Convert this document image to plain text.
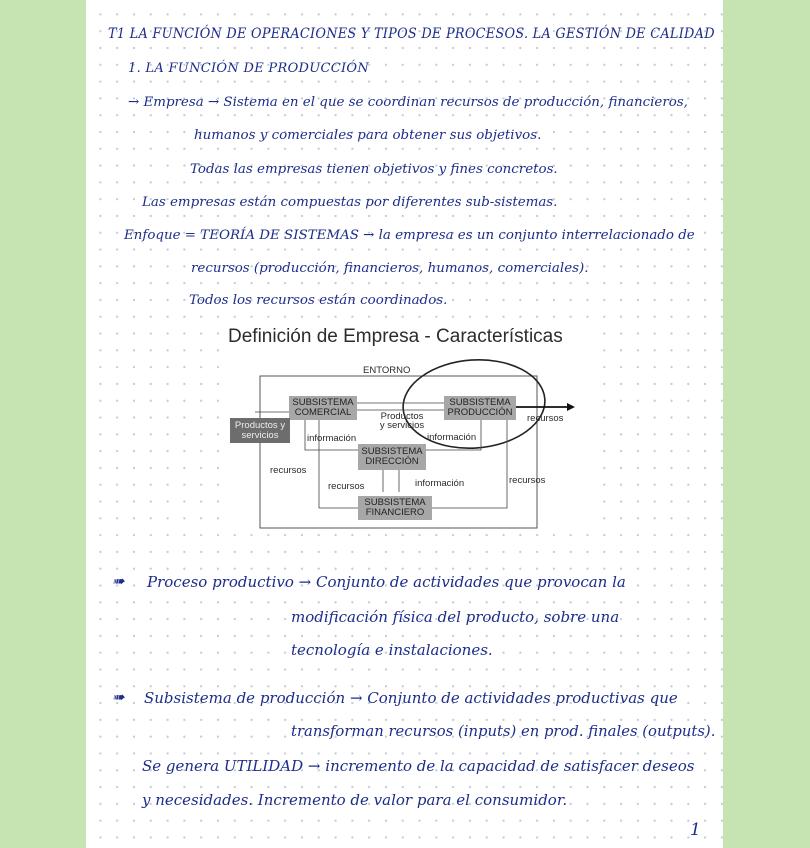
T1 LA FUNCIÓN DE OPERACIONES Y TIPOS DE PROCESOS. LA GESTIÓN DE CALIDAD
1. LA FUNCIÓN DE PRODUCCIÓN
→ Empresa → Sistema en el que se coordinan recursos de producción, financieros,
humanos y comerciales para obtener sus objetivos.
Todas las empresas tienen objetivos y fines concretos.
Las empresas están compuestas por diferentes sub-sistemas.
Enfoque = TEORÍA DE SISTEMAS → la empresa es un conjunto interrelacionado de
recursos (producción, financieros, humanos, comerciales).
Todos los recursos están coordinados.
Definición de Empresa - Características
ENTORNO
SUBSISTEMA COMERCIAL
SUBSISTEMA PRODUCCIÓN
SUBSISTEMA DIRECCIÓN
SUBSISTEMA FINANCIERO
Productos y servicios
Productos y servicios
información	información
información
recursos
recursos
recursos
recursos
➠ Proceso productivo → Conjunto de actividades que provocan la
modificación física del producto, sobre una
tecnología e instalaciones.
➠ Subsistema de producción → Conjunto de actividades productivas que
transforman recursos (inputs) en prod. finales (outputs).
Se genera UTILIDAD → incremento de la capacidad de satisfacer deseos
y necesidades. Incremento de valor para el consumidor.
1
